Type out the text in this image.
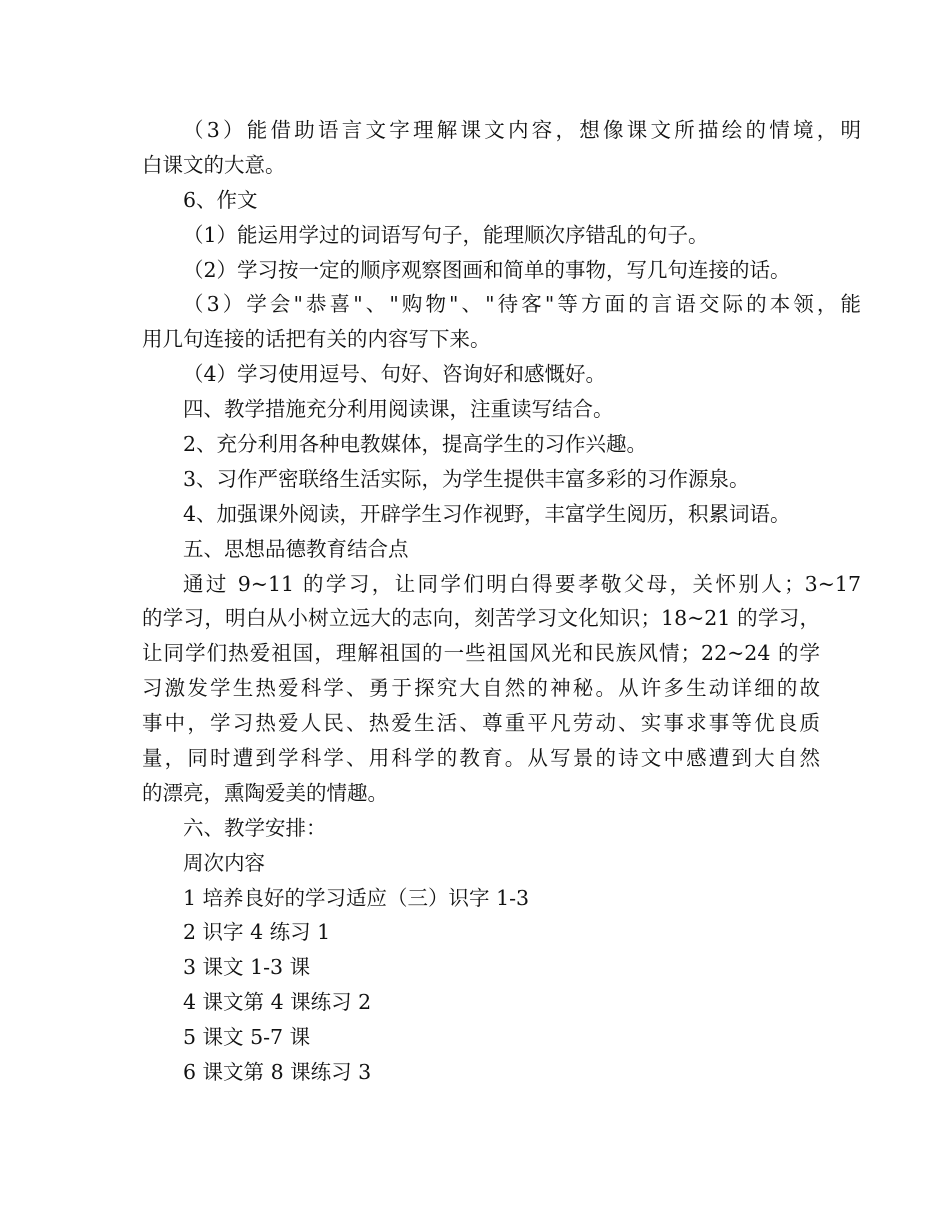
（3）能借助语言文字理解课文内容，想像课文所描绘的情境，明
白课文的大意。
6、作文
（1）能运用学过的词语写句子，能理顺次序错乱的句子。
（2）学习按一定的顺序观察图画和简单的事物，写几句连接的话。
（3）学会"恭喜"、"购物"、"待客"等方面的言语交际的本领，能
用几句连接的话把有关的内容写下来。
（4）学习使用逗号、句好、咨询好和感慨好。
四、教学措施充分利用阅读课，注重读写结合。
2、充分利用各种电教媒体，提高学生的习作兴趣。
3、习作严密联络生活实际，为学生提供丰富多彩的习作源泉。
4、加强课外阅读，开辟学生习作视野，丰富学生阅历，积累词语。
五、思想品德教育结合点
通过 9~11 的学习，让同学们明白得要孝敬父母，关怀别人；3~17
的学习，明白从小树立远大的志向，刻苦学习文化知识；18~21 的学习，
让同学们热爱祖国，理解祖国的一些祖国风光和民族风情；22~24 的学
习激发学生热爱科学、勇于探究大自然的神秘。从许多生动详细的故
事中，学习热爱人民、热爱生活、尊重平凡劳动、实事求事等优良质
量，同时遭到学科学、用科学的教育。从写景的诗文中感遭到大自然
的漂亮，熏陶爱美的情趣。
六、教学安排：
周次内容
1 培养良好的学习适应（三）识字 1-3
2 识字 4 练习 1
3 课文 1-3 课
4 课文第 4 课练习 2
5 课文 5-7 课
6 课文第 8 课练习 3
